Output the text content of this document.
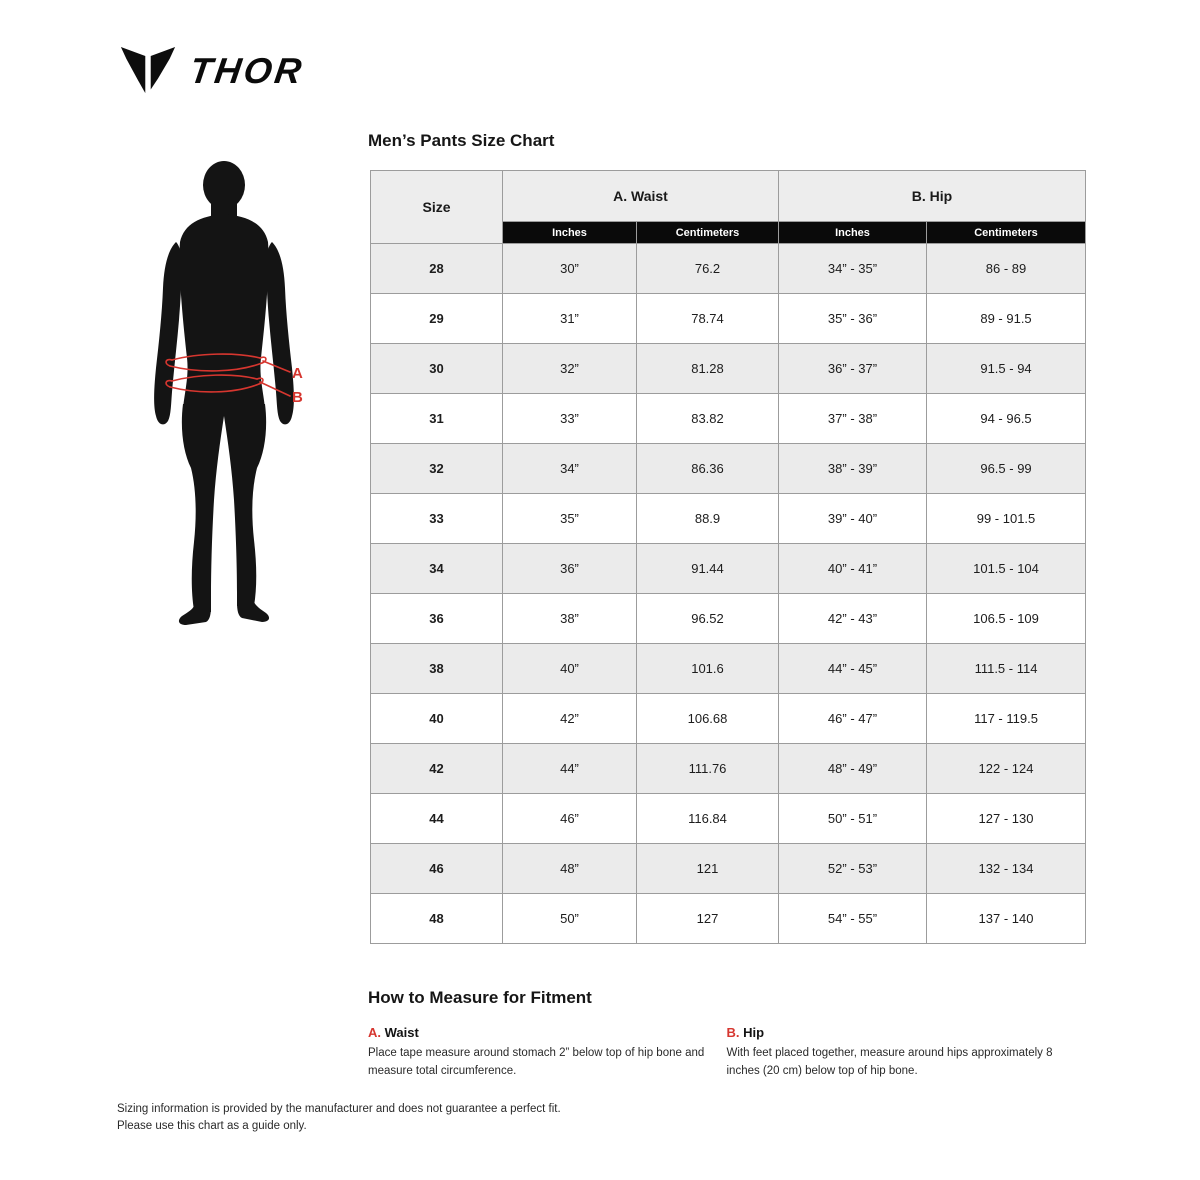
THOR
A
B
Men’s Pants Size Chart
Size	A. Waist		B. Hip	
	Inches	Centimeters	Inches	Centimeters
28	30”	76.2	34” - 35”	86 - 89
29	31”	78.74	35” - 36”	89 - 91.5
30	32”	81.28	36” - 37”	91.5 - 94
31	33”	83.82	37” - 38”	94 - 96.5
32	34”	86.36	38” - 39”	96.5 - 99
33	35”	88.9	39” - 40”	99 - 101.5
34	36”	91.44	40” - 41”	101.5 - 104
36	38”	96.52	42” - 43”	106.5 - 109
38	40”	101.6	44” - 45”	111.5 - 114
40	42”	106.68	46” - 47”	117 - 119.5
42	44”	111.76	48” - 49”	122 - 124
44	46”	116.84	50” - 51”	127 - 130
46	48”	121	52” - 53”	132 - 134
48	50”	127	54” - 55”	137 - 140
How to Measure for Fitment
A. Waist

Place tape measure around stomach 2” below top of hip bone and measure total circumference.

B. Hip

With feet placed together, measure around hips approximately 8 inches (20 cm) below top of hip bone.

Sizing information is provided by the manufacturer and does not guarantee a perfect fit.
Please use this chart as a guide only.
